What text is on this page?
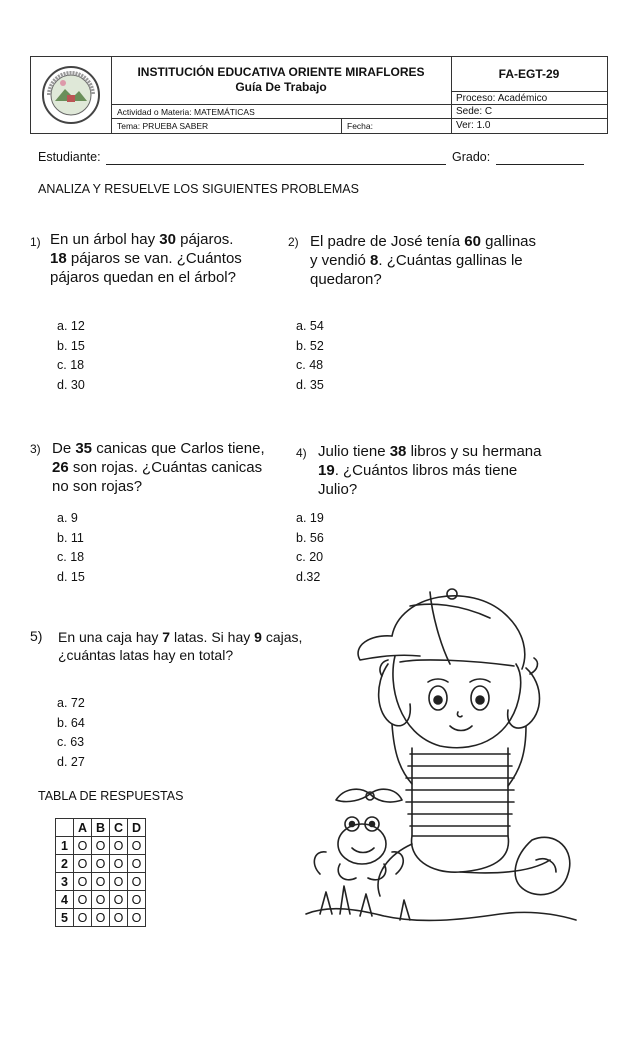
INSTITUCIÓN EDUCATIVA ORIENTE MIRAFLORES
Guía De Trabajo
FA-EGT-29
Proceso: Académico
Actividad o Materia: MATEMÁTICAS	Sede: C
Tema: PRUEBA SABER	Fecha:	Ver: 1.0
Estudiante:	Grado:
ANALIZA Y RESUELVE LOS SIGUIENTES PROBLEMAS
1) En un árbol hay 30 pájaros.
18 pájaros se van. ¿Cuántos
pájaros quedan en el árbol?
a. 12
b. 15
c. 18
d. 30
2) El padre de José tenía 60 gallinas
y vendió 8. ¿Cuántas gallinas le
quedaron?
a. 54
b. 52
c. 48
d. 35
3) De 35 canicas que Carlos tiene,
26 son rojas. ¿Cuántas canicas
no son rojas?
a. 9
b. 11
c. 18
d. 15
4) Julio tiene 38 libros y su hermana
19. ¿Cuántos libros más tiene
Julio?
a. 19
b. 56
c. 20
d.32
5) En una caja hay 7 latas. Si hay 9 cajas,
¿cuántas latas hay en total?
a. 72
b. 64
c. 63
d. 27
TABLA DE RESPUESTAS
	A	B	C	D
1	O	O	O	O
2	O	O	O	O
3	O	O	O	O
4	O	O	O	O
5	O	O	O	O
